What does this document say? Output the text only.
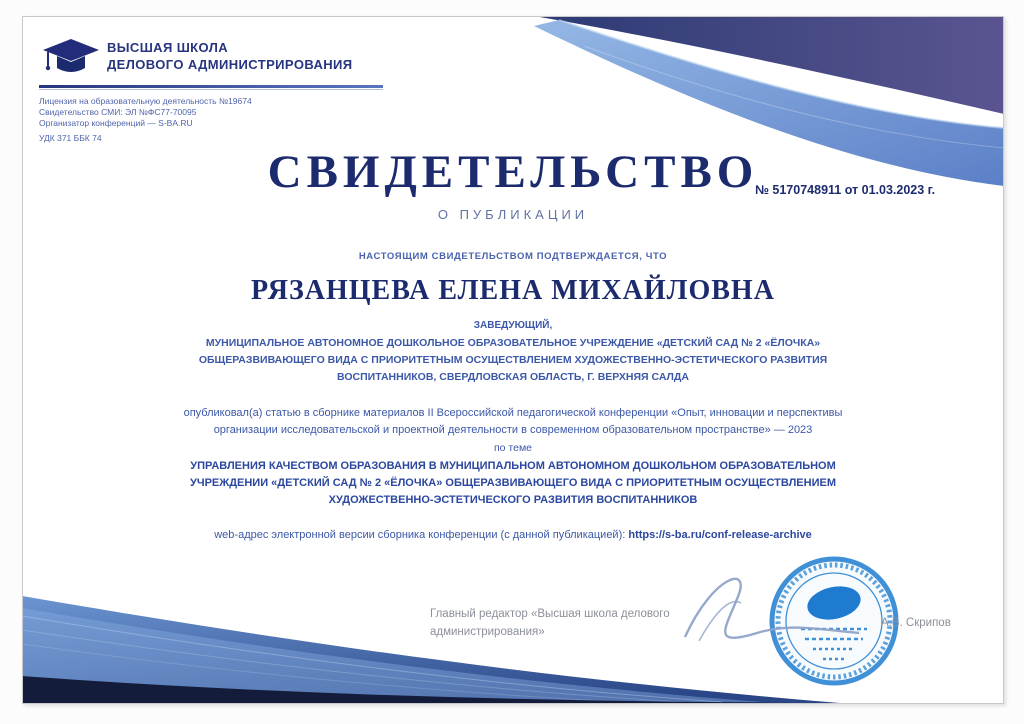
ВЫСШАЯ ШКОЛА
ДЕЛОВОГО АДМИНИСТРИРОВАНИЯ
Лицензия на образовательную деятельность №19674
Свидетельство СМИ: ЭЛ №ФС77-70095
Организатор конференций — S-BA.RU
УДК 371 ББК 74
СВИДЕТЕЛЬСТВО
№ 5170748911 от 01.03.2023 г.
О ПУБЛИКАЦИИ
НАСТОЯЩИМ СВИДЕТЕЛЬСТВОМ ПОДТВЕРЖДАЕТСЯ, ЧТО
РЯЗАНЦЕВА ЕЛЕНА МИХАЙЛОВНА
ЗАВЕДУЮЩИЙ,
МУНИЦИПАЛЬНОЕ АВТОНОМНОЕ ДОШКОЛЬНОЕ ОБРАЗОВАТЕЛЬНОЕ УЧРЕЖДЕНИЕ «ДЕТСКИЙ САД № 2 «ЁЛОЧКА»
ОБЩЕРАЗВИВАЮЩЕГО ВИДА С ПРИОРИТЕТНЫМ ОСУЩЕСТВЛЕНИЕМ ХУДОЖЕСТВЕННО-ЭСТЕТИЧЕСКОГО РАЗВИТИЯ
ВОСПИТАННИКОВ, СВЕРДЛОВСКАЯ ОБЛАСТЬ, Г. ВЕРХНЯЯ САЛДА
опубликовал(а) статью в сборнике материалов II Всероссийской педагогической конференции «Опыт, инновации и перспективы
организации исследовательской и проектной деятельности в современном образовательном пространстве» — 2023
по теме
УПРАВЛЕНИЯ КАЧЕСТВОМ ОБРАЗОВАНИЯ В МУНИЦИПАЛЬНОМ АВТОНОМНОМ ДОШКОЛЬНОМ ОБРАЗОВАТЕЛЬНОМ
УЧРЕЖДЕНИИ «ДЕТСКИЙ САД № 2 «ЁЛОЧКА» ОБЩЕРАЗВИВАЮЩЕГО ВИДА С ПРИОРИТЕТНЫМ ОСУЩЕСТВЛЕНИЕМ
ХУДОЖЕСТВЕННО-ЭСТЕТИЧЕСКОГО РАЗВИТИЯ ВОСПИТАННИКОВ
web-адрес электронной версии сборника конференции (с данной публикацией): https://s-ba.ru/conf-release-archive
Главный редактор «Высшая школа делового
администрирования»
А.В. Скрипов
